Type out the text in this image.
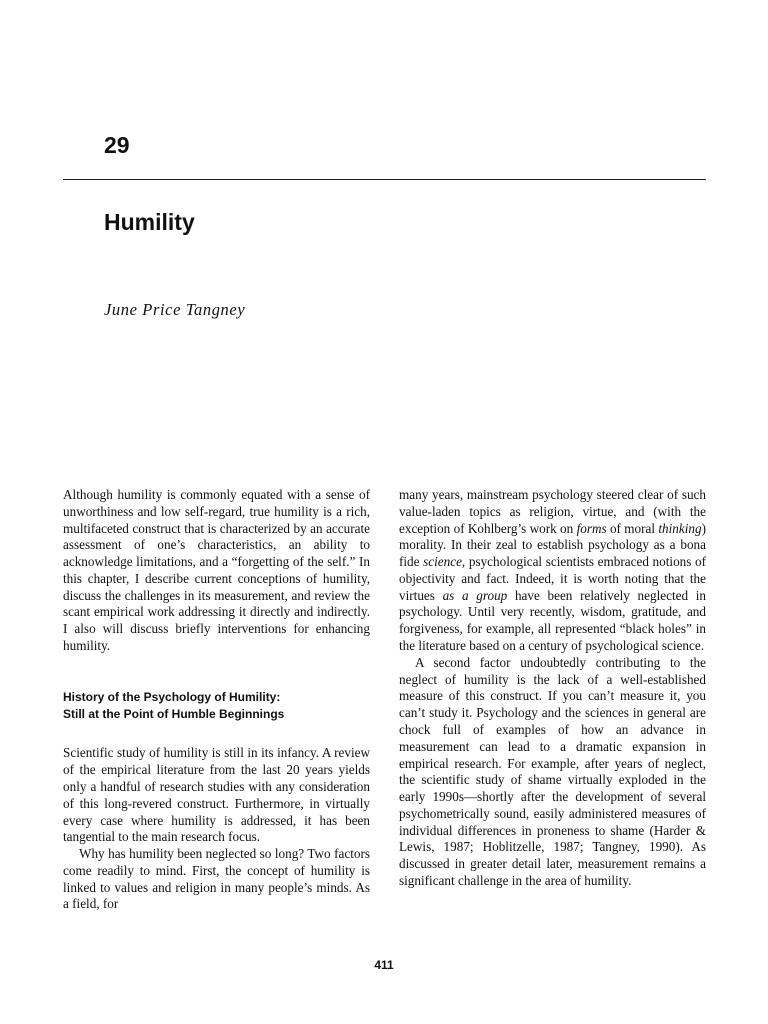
29
Humility

June Price Tangney

Although humility is commonly equated with a sense of unworthiness and low self-regard, true humility is a rich, multifaceted construct that is characterized by an accurate assessment of one’s characteristics, an ability to acknowledge limitations, and a “forgetting of the self.” In this chapter, I describe current conceptions of humility, discuss the challenges in its measurement, and review the scant empirical work addressing it directly and indirectly. I also will discuss briefly interventions for enhancing humility.

History of the Psychology of Humility:
Still at the Point of Humble Beginnings

Scientific study of humility is still in its infancy. A review of the empirical literature from the last 20 years yields only a handful of research studies with any consideration of this long-revered construct. Furthermore, in virtually every case where humility is addressed, it has been tangential to the main research focus.

Why has humility been neglected so long? Two factors come readily to mind. First, the concept of humility is linked to values and religion in many people’s minds. As a field, for

many years, mainstream psychology steered clear of such value-laden topics as religion, virtue, and (with the exception of Kohlberg’s work on forms of moral thinking) morality. In their zeal to establish psychology as a bona fide science, psychological scientists embraced notions of objectivity and fact. Indeed, it is worth noting that the virtues as a group have been relatively neglected in psychology. Until very recently, wisdom, gratitude, and forgiveness, for example, all represented “black holes” in the literature based on a century of psychological science.

A second factor undoubtedly contributing to the neglect of humility is the lack of a well-established measure of this construct. If you can’t measure it, you can’t study it. Psychology and the sciences in general are chock full of examples of how an advance in measurement can lead to a dramatic expansion in empirical research. For example, after years of neglect, the scientific study of shame virtually exploded in the early 1990s—shortly after the development of several psychometrically sound, easily administered measures of individual differences in proneness to shame (Harder & Lewis, 1987; Hoblitzelle, 1987; Tangney, 1990). As discussed in greater detail later, measurement remains a significant challenge in the area of humility.

411
